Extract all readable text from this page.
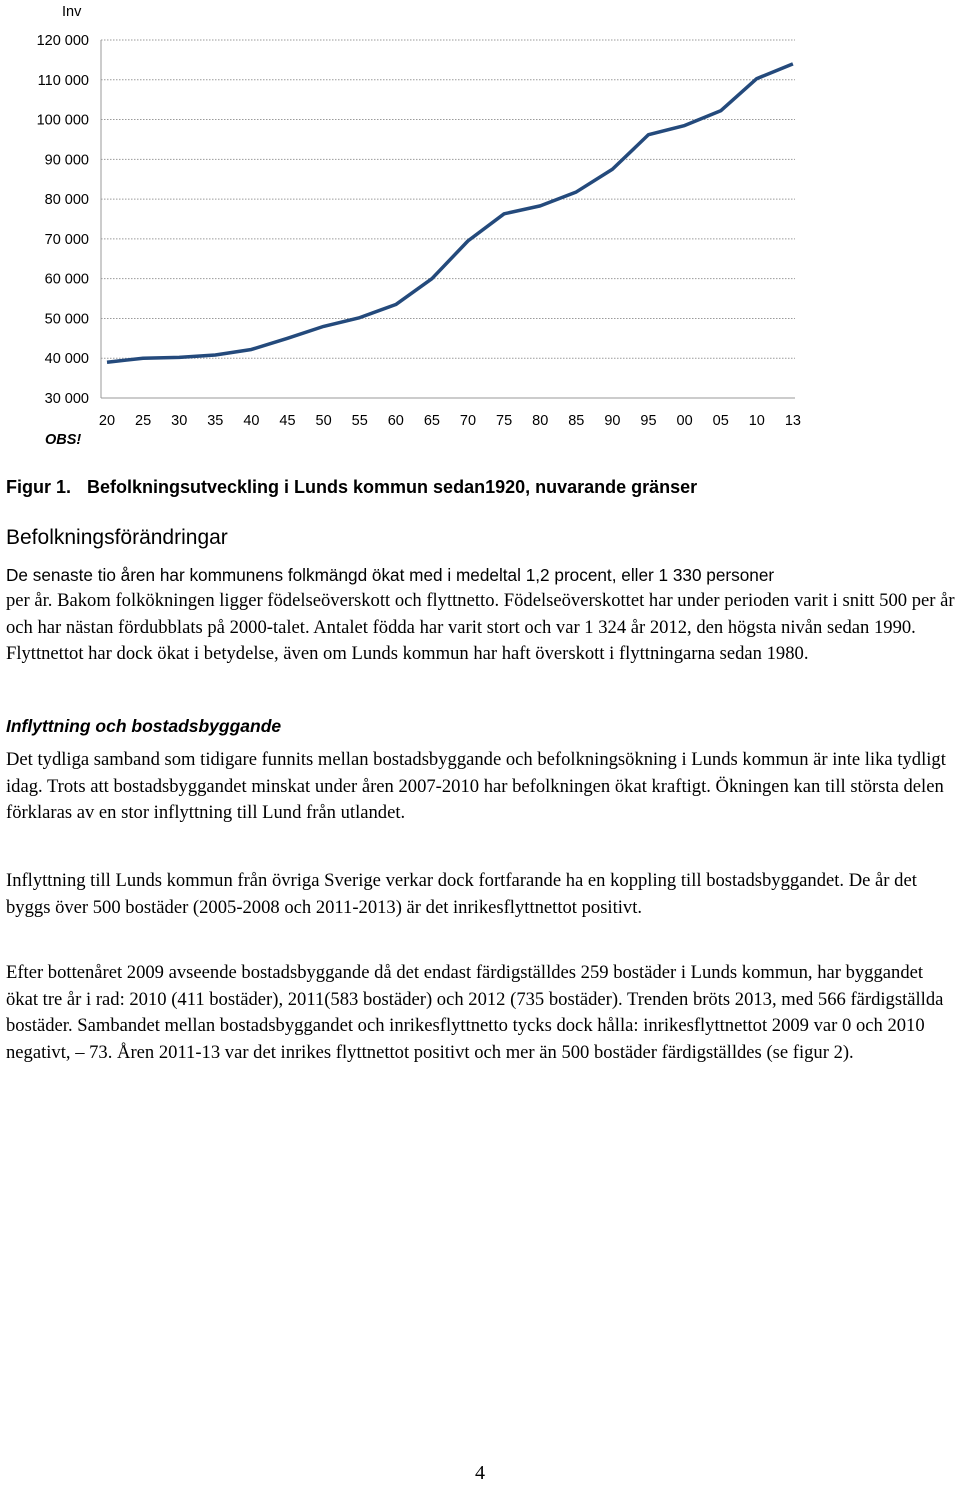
Inv
30 000
40 000
50 000
60 000
70 000
80 000
90 000
100 000
110 000
120 000
20 25 30 35 40 45 50 55 60 65 70 75 80 85 90 95 00 05 10 13
OBS!
Figur 1. Befolkningsutveckling i Lunds kommun sedan1920, nuvarande gränser
Befolkningsförändringar

De senaste tio åren har kommunens folkmängd ökat med i medeltal 1,2 procent, eller 1 330 personer

per år. Bakom folkökningen ligger födelseöverskott och flyttnetto. Födelseöverskottet har under perioden varit i snitt 500 per år och har nästan fördubblats på 2000-talet. Antalet födda har varit stort och var 1 324 år 2012, den högsta nivån sedan 1990. Flyttnettot har dock ökat i betydelse, även om Lunds kommun har haft överskott i flyttningarna sedan 1980.

Inflyttning och bostadsbyggande

Det tydliga samband som tidigare funnits mellan bostadsbyggande och befolkningsökning i Lunds kommun är inte lika tydligt idag. Trots att bostadsbyggandet minskat under åren 2007-2010 har befolkningen ökat kraftigt. Ökningen kan till största delen förklaras av en stor inflyttning till Lund från utlandet.

Inflyttning till Lunds kommun från övriga Sverige verkar dock fortfarande ha en koppling till bostadsbyggandet. De år det byggs över 500 bostäder (2005-2008 och 2011-2013) är det inrikesflyttnettot positivt.

Efter bottenåret 2009 avseende bostadsbyggande då det endast färdigställdes 259 bostäder i Lunds kommun, har byggandet ökat tre år i rad: 2010 (411 bostäder), 2011(583 bostäder) och 2012 (735 bostäder). Trenden bröts 2013, med 566 färdigställda bostäder. Sambandet mellan bostadsbyggandet och inrikesflyttnetto tycks dock hålla: inrikesflyttnettot 2009 var 0 och 2010 negativt, – 73. Åren 2011-13 var det inrikes flyttnettot positivt och mer än 500 bostäder färdigställdes (se figur 2).

4
